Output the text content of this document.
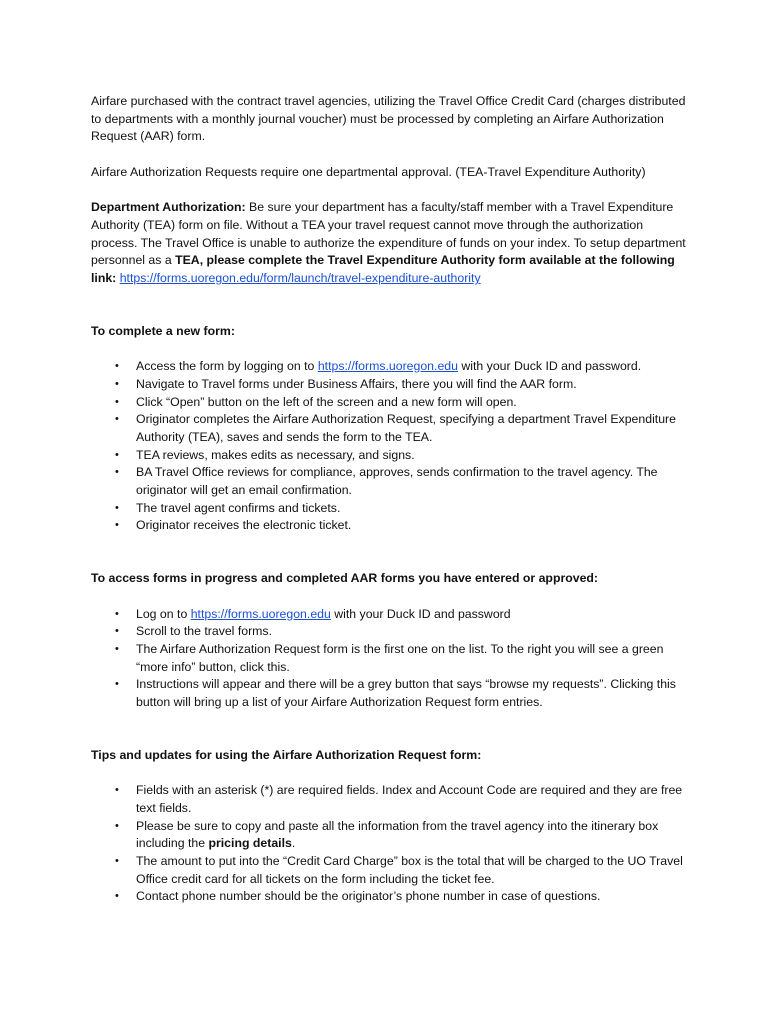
Airfare purchased with the contract travel agencies, utilizing the Travel Office Credit Card (charges distributed to departments with a monthly journal voucher) must be processed by completing an Airfare Authorization Request (AAR) form.

Airfare Authorization Requests require one departmental approval. (TEA-Travel Expenditure Authority)

Department Authorization: Be sure your department has a faculty/staff member with a Travel Expenditure Authority (TEA) form on file. Without a TEA your travel request cannot move through the authorization process. The Travel Office is unable to authorize the expenditure of funds on your index. To setup department personnel as a TEA, please complete the Travel Expenditure Authority form available at the following link: https://forms.uoregon.edu/form/launch/travel-expenditure-authority

To complete a new form:

• Access the form by logging on to https://forms.uoregon.edu with your Duck ID and password.
• Navigate to Travel forms under Business Affairs, there you will find the AAR form.
• Click “Open” button on the left of the screen and a new form will open.
• Originator completes the Airfare Authorization Request, specifying a department Travel Expenditure Authority (TEA), saves and sends the form to the TEA.
• TEA reviews, makes edits as necessary, and signs.
• BA Travel Office reviews for compliance, approves, sends confirmation to the travel agency. The originator will get an email confirmation.
• The travel agent confirms and tickets.
• Originator receives the electronic ticket.

To access forms in progress and completed AAR forms you have entered or approved:

• Log on to https://forms.uoregon.edu with your Duck ID and password
• Scroll to the travel forms.
• The Airfare Authorization Request form is the first one on the list. To the right you will see a green “more info” button, click this.
• Instructions will appear and there will be a grey button that says “browse my requests”. Clicking this button will bring up a list of your Airfare Authorization Request form entries.

Tips and updates for using the Airfare Authorization Request form:

• Fields with an asterisk (*) are required fields. Index and Account Code are required and they are free text fields.
• Please be sure to copy and paste all the information from the travel agency into the itinerary box including the pricing details.
• The amount to put into the “Credit Card Charge” box is the total that will be charged to the UO Travel Office credit card for all tickets on the form including the ticket fee.
• Contact phone number should be the originator’s phone number in case of questions.
